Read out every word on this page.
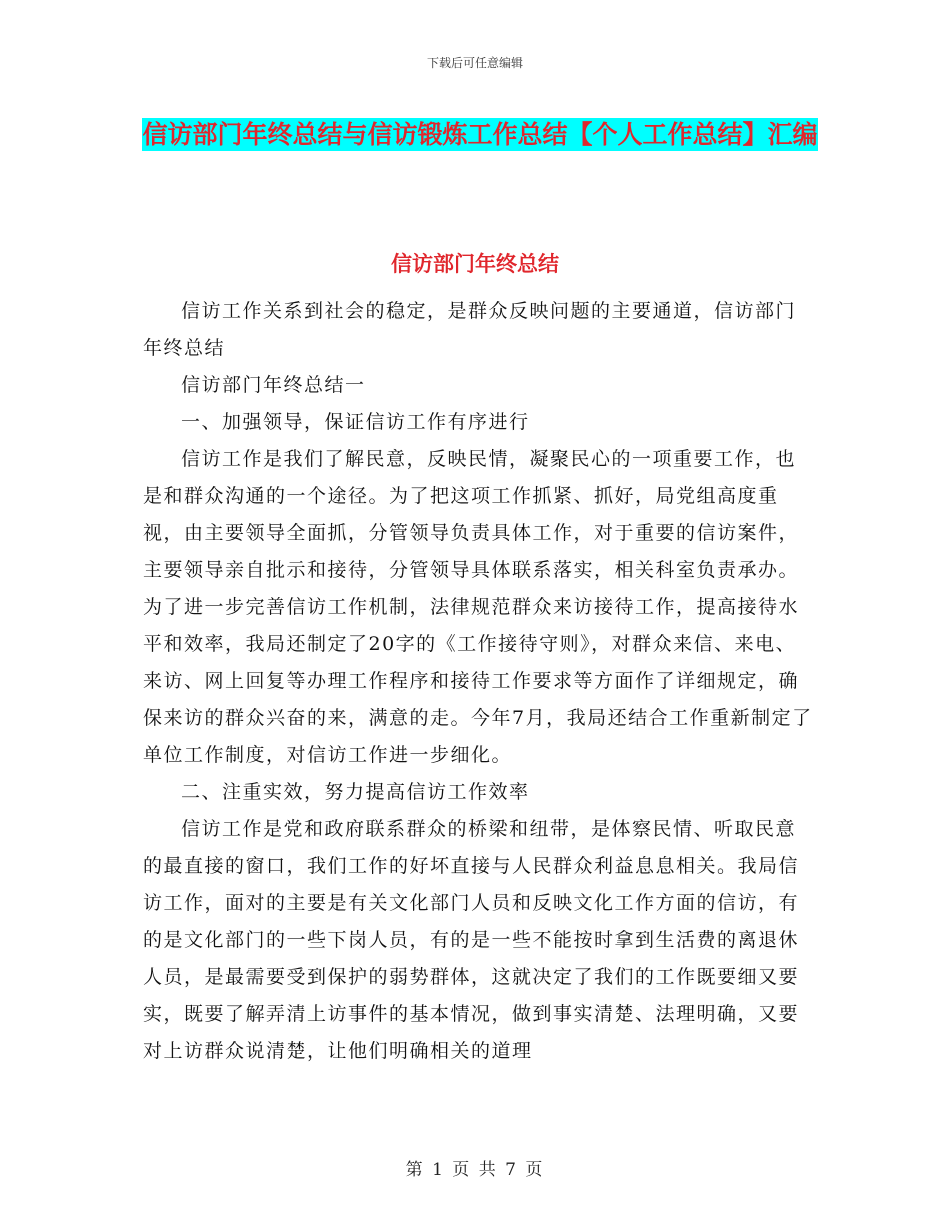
下载后可任意编辑
信访部门年终总结与信访锻炼工作总结【个人工作总结】汇编
信访部门年终总结

信访工作关系到社会的稳定，是群众反映问题的主要通道，信访部门年终总结

信访部门年终总结一

一、加强领导，保证信访工作有序进行

信访工作是我们了解民意，反映民情，凝聚民心的一项重要工作，也是和群众沟通的一个途径。为了把这项工作抓紧、抓好，局党组高度重视，由主要领导全面抓，分管领导负责具体工作，对于重要的信访案件，主要领导亲自批示和接待，分管领导具体联系落实，相关科室负责承办。为了进一步完善信访工作机制，法律规范群众来访接待工作，提高接待水平和效率，我局还制定了20字的《工作接待守则》，对群众来信、来电、来访、网上回复等办理工作程序和接待工作要求等方面作了详细规定，确保来访的群众兴奋的来，满意的走。今年7月，我局还结合工作重新制定了单位工作制度，对信访工作进一步细化。

二、注重实效，努力提高信访工作效率

信访工作是党和政府联系群众的桥梁和纽带，是体察民情、听取民意的最直接的窗口，我们工作的好坏直接与人民群众利益息息相关。我局信访工作，面对的主要是有关文化部门人员和反映文化工作方面的信访，有的是文化部门的一些下岗人员，有的是一些不能按时拿到生活费的离退休人员，是最需要受到保护的弱势群体，这就决定了我们的工作既要细又要实，既要了解弄清上访事件的基本情况，做到事实清楚、法理明确，又要对上访群众说清楚，让他们明确相关的道理

第 1 页 共 7 页
